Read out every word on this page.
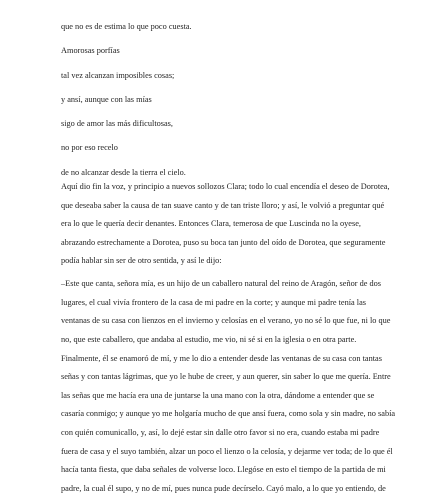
que no es de estima lo que poco cuesta.
Amorosas porfías
tal vez alcanzan imposibles cosas;
y ansí, aunque con las mías
sigo de amor las más dificultosas,
no por eso recelo
de no alcanzar desde la tierra el cielo.
Aquí dio fin la voz, y principio a nuevos sollozos Clara; todo lo cual encendía el deseo de Dorotea,
que deseaba saber la causa de tan suave canto y de tan triste lloro; y así, le volvió a preguntar qué
era lo que le quería decir denantes. Entonces Clara, temerosa de que Luscinda no la oyese,
abrazando estrechamente a Dorotea, puso su boca tan junto del oído de Dorotea, que seguramente
podía hablar sin ser de otro sentida, y así le dijo:
–Este que canta, señora mía, es un hijo de un caballero natural del reino de Aragón, señor de dos
lugares, el cual vivía frontero de la casa de mi padre en la corte; y aunque mi padre tenía las
ventanas de su casa con lienzos en el invierno y celosías en el verano, yo no sé lo que fue, ni lo que
no, que este caballero, que andaba al estudio, me vio, ni sé si en la iglesia o en otra parte.
Finalmente, él se enamoró de mí, y me lo dio a entender desde las ventanas de su casa con tantas
señas y con tantas lágrimas, que yo le hube de creer, y aun querer, sin saber lo que me quería. Entre
las señas que me hacía era una de juntarse la una mano con la otra, dándome a entender que se
casaría conmigo; y aunque yo me holgaría mucho de que ansí fuera, como sola y sin madre, no sabía
con quién comunicallo, y, así, lo dejé estar sin dalle otro favor si no era, cuando estaba mi padre
fuera de casa y el suyo también, alzar un poco el lienzo o la celosía, y dejarme ver toda; de lo que él
hacía tanta fiesta, que daba señales de volverse loco. Llegóse en esto el tiempo de la partida de mi
padre, la cual él supo, y no de mí, pues nunca pude decírselo. Cayó malo, a lo que yo entiendo, de
